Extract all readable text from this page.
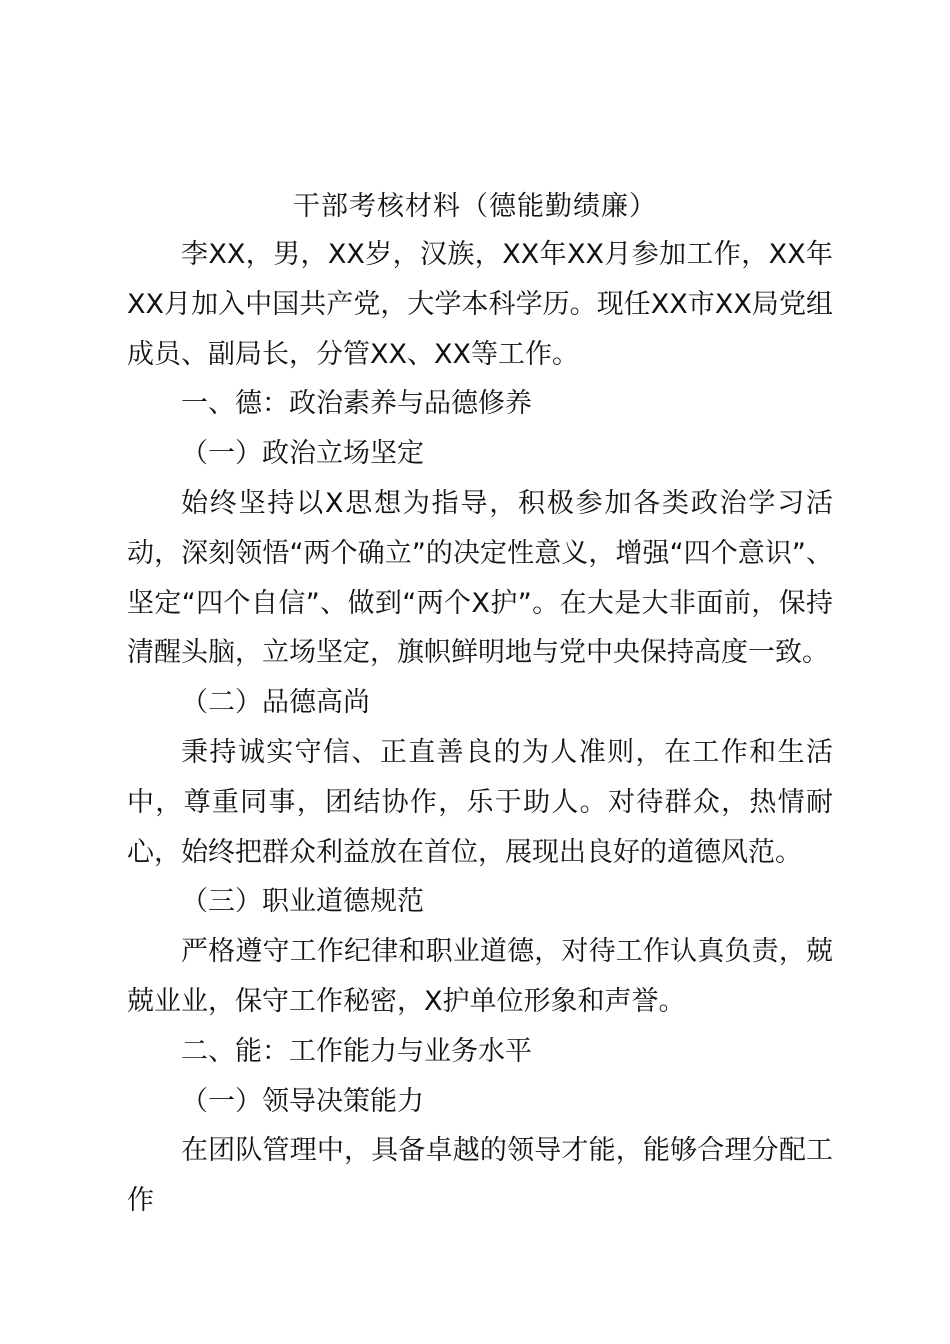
干部考核材料（德能勤绩廉）

李XX，男，XX岁，汉族，XX年XX月参加工作，XX年XX月加入中国共产党，大学本科学历。现任XX市XX局党组成员、副局长，分管XX、XX等工作。

一、德：政治素养与品德修养

（一）政治立场坚定

始终坚持以X思想为指导，积极参加各类政治学习活动，深刻领悟“两个确立”的决定性意义，增强“四个意识”、坚定“四个自信”、做到“两个X护”。在大是大非面前，保持清醒头脑，立场坚定，旗帜鲜明地与党中央保持高度一致。

（二）品德高尚

秉持诚实守信、正直善良的为人准则，在工作和生活中，尊重同事，团结协作，乐于助人。对待群众，热情耐心，始终把群众利益放在首位，展现出良好的道德风范。

（三）职业道德规范

严格遵守工作纪律和职业道德，对待工作认真负责，兢兢业业，保守工作秘密，X护单位形象和声誉。

二、能：工作能力与业务水平

（一）领导决策能力

在团队管理中，具备卓越的领导才能，能够合理分配工作
